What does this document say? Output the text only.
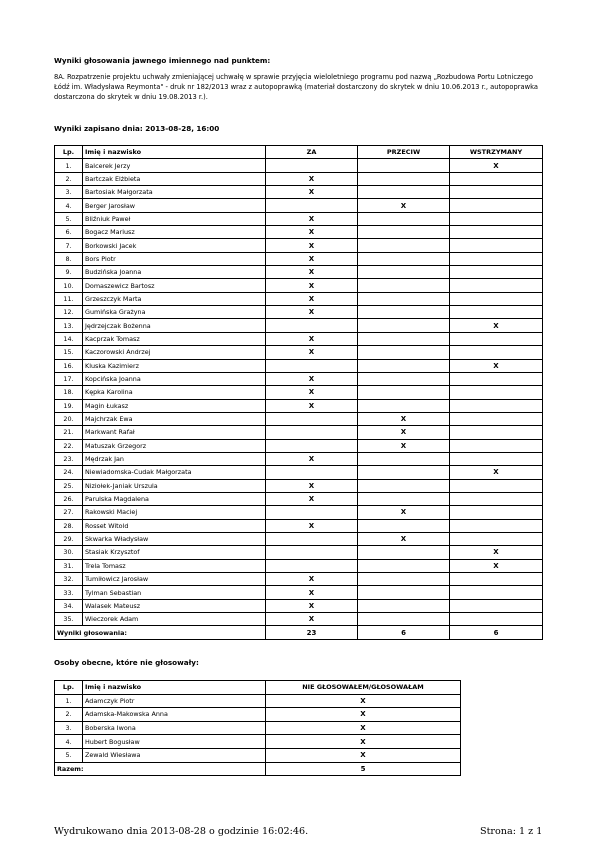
Wyniki głosowania jawnego imiennego nad punktem:
8A. Rozpatrzenie projektu uchwały zmieniającej uchwałę w sprawie przyjęcia wieloletniego programu pod nazwą „Rozbudowa Portu Lotniczego Łódź im. Władysława Reymonta" - druk nr 182/2013 wraz z autopoprawką (materiał dostarczony do skrytek w dniu 10.06.2013 r., autopoprawka dostarczona do skrytek w dniu 19.08.2013 r.).
Wyniki zapisano dnia: 2013-08-28, 16:00
Lp.	Imię i nazwisko	ZA	PRZECIW	WSTRZYMANY
1.	Balcerek Jerzy			X
2.	Bartczak Elżbieta	X		
3.	Bartosiak Małgorzata	X		
4.	Berger Jarosław		X	
5.	Bliźniuk Paweł	X		
6.	Bogacz Mariusz	X		
7.	Borkowski Jacek	X		
8.	Bors Piotr	X		
9.	Budzińska Joanna	X		
10.	Domaszewicz Bartosz	X		
11.	Grzeszczyk Marta	X		
12.	Gumińska Grażyna	X		
13.	Jędrzejczak Bożenna			X
14.	Kacprzak Tomasz	X		
15.	Kaczorowski Andrzej	X		
16.	Kluska Kazimierz			X
17.	Kopcińska Joanna	X		
18.	Kępka Karolina	X		
19.	Magin Łukasz	X		
20.	Majchrzak Ewa		X	
21.	Markwant Rafał		X	
22.	Matuszak Grzegorz		X	
23.	Mędrzak Jan	X		
24.	Niewiadomska-Cudak Małgorzata			X
25.	Niziołek-Janiak Urszula	X		
26.	Parulska Magdalena	X		
27.	Rakowski Maciej		X	
28.	Rosset Witold	X		
29.	Skwarka Władysław		X	
30.	Stasiak Krzysztof			X
31.	Trela Tomasz			X
32.	Tumiłowicz Jarosław	X		
33.	Tylman Sebastian	X		
34.	Walasek Mateusz	X		
35.	Wieczorek Adam	X		
Wyniki głosowania:		23	6	6
Osoby obecne, które nie głosowały:
Lp.	Imię i nazwisko	NIE GŁOSOWAŁEM/GŁOSOWAŁAM
1.	Adamczyk Piotr	X
2.	Adamska-Makowska Anna	X
3.	Boberska Iwona	X
4.	Hubert Bogusław	X
5.	Zewald Wiesława	X
Razem:		5
Wydrukowano dnia 2013-08-28 o godzinie 16:02:46.	Strona: 1 z 1
